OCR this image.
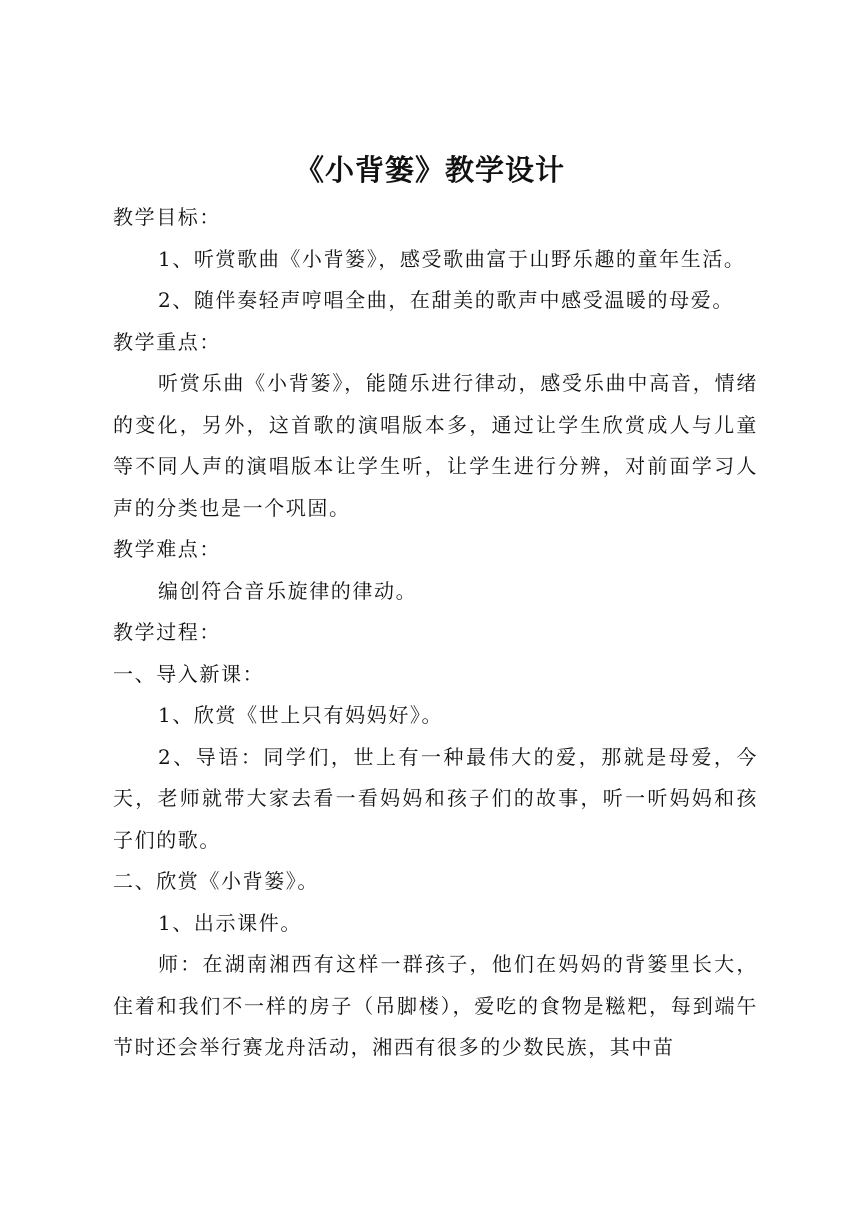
《小背篓》教学设计

教学目标：

1、听赏歌曲《小背篓》，感受歌曲富于山野乐趣的童年生活。

2、随伴奏轻声哼唱全曲，在甜美的歌声中感受温暖的母爱。

教学重点：

听赏乐曲《小背篓》，能随乐进行律动，感受乐曲中高音，情绪的变化，另外，这首歌的演唱版本多，通过让学生欣赏成人与儿童等不同人声的演唱版本让学生听，让学生进行分辨，对前面学习人声的分类也是一个巩固。

教学难点：

编创符合音乐旋律的律动。

教学过程：

一、导入新课：

1、欣赏《世上只有妈妈好》。

2、导语：同学们，世上有一种最伟大的爱，那就是母爱，今天，老师就带大家去看一看妈妈和孩子们的故事，听一听妈妈和孩子们的歌。

二、欣赏《小背篓》。

1、出示课件。

师：在湖南湘西有这样一群孩子，他们在妈妈的背篓里长大，住着和我们不一样的房子（吊脚楼），爱吃的食物是糍粑，每到端午节时还会举行赛龙舟活动，湘西有很多的少数民族，其中苗
